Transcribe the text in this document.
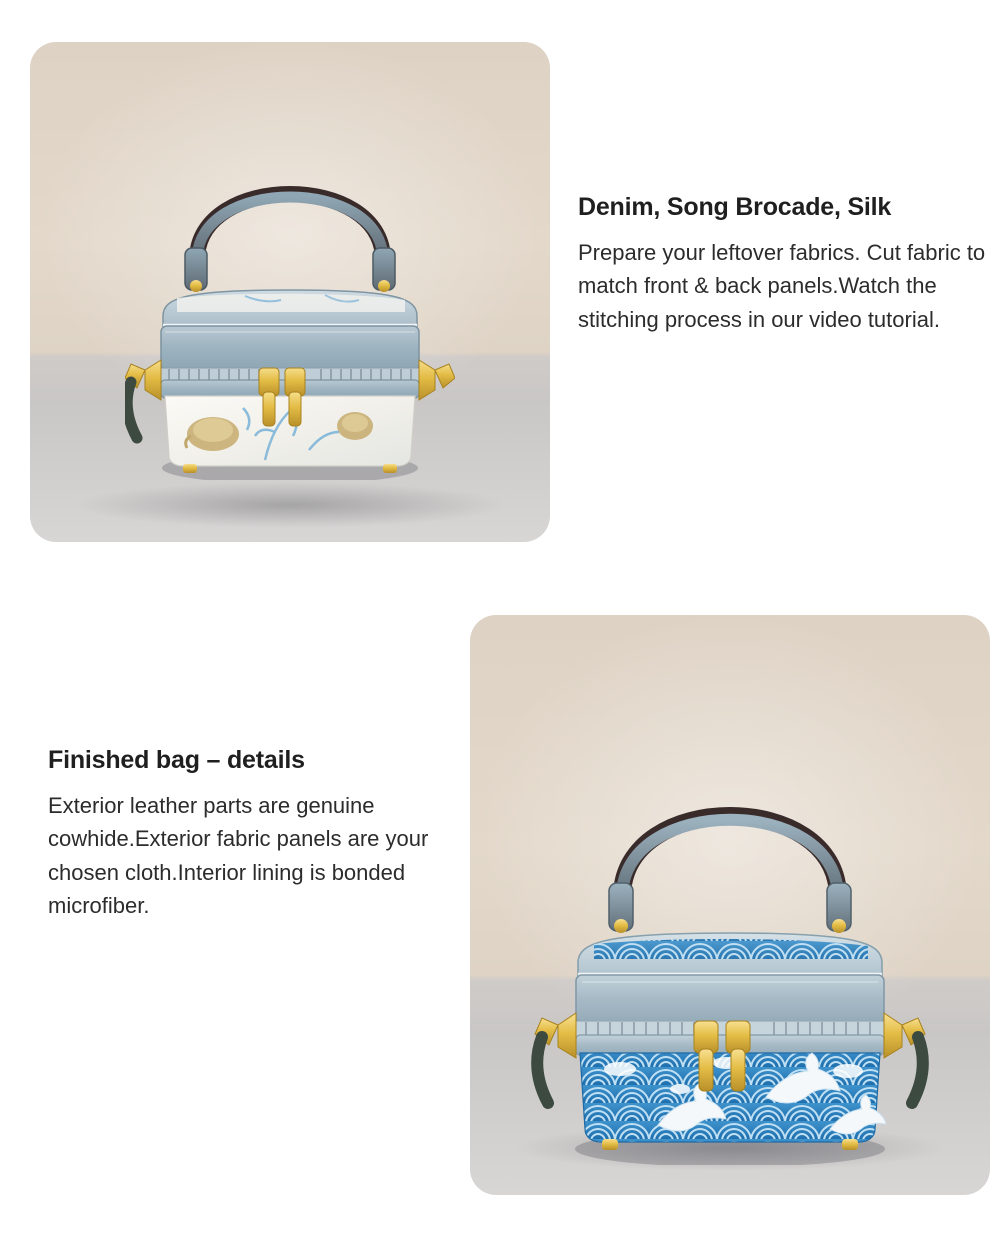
Denim, Song Brocade, Silk

Prepare your leftover fabrics. Cut fabric to match front & back panels.Watch the stitching process in our video tutorial.

Finished bag – details

Exterior leather parts are genuine cowhide.Exterior fabric panels are your chosen cloth.Interior lining is bonded microfiber.
